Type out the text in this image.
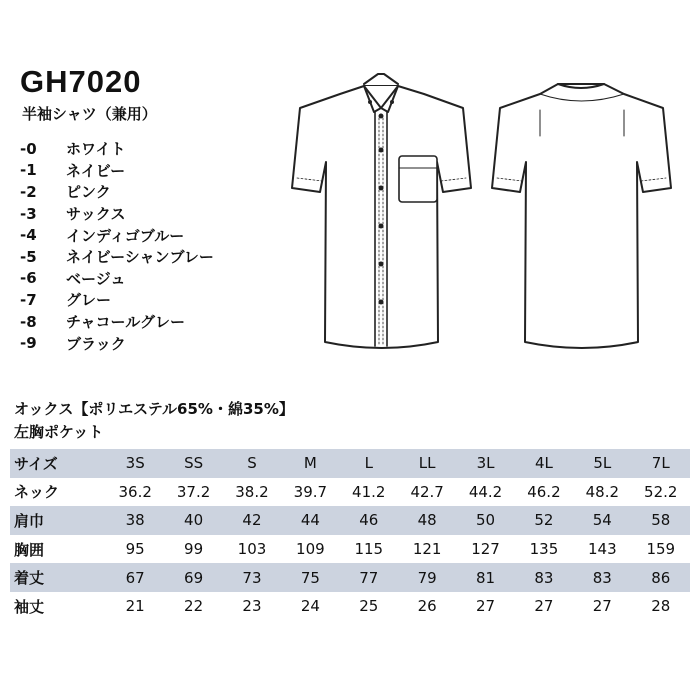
GH7020
半袖シャツ（兼用）
-0	ホワイト
-1	ネイビー
-2	ピンク
-3	サックス
-4	インディゴブルー
-5	ネイビーシャンブレー
-6	ベージュ
-7	グレー
-8	チャコールグレー
-9	ブラック
オックス【ポリエステル65%・綿35%】
左胸ポケット
サイズ	3S	SS	S	M	L	LL	3L	4L	5L	7L
ネック	36.2	37.2	38.2	39.7	41.2	42.7	44.2	46.2	48.2	52.2
肩巾	38	40	42	44	46	48	50	52	54	58
胸囲	95	99	103	109	115	121	127	135	143	159
着丈	67	69	73	75	77	79	81	83	83	86
袖丈	21	22	23	24	25	26	27	27	27	28
